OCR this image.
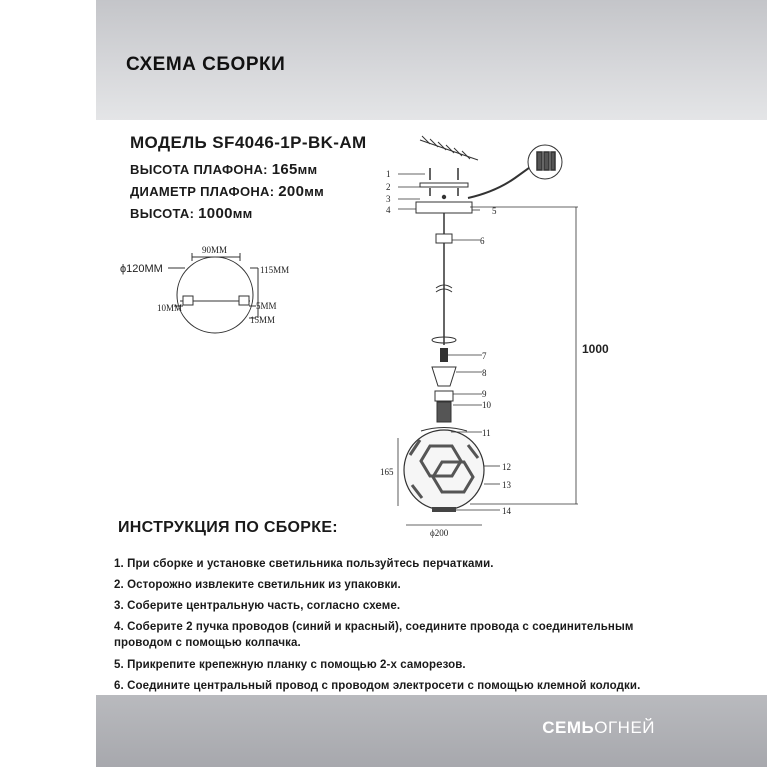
СХЕМА СБОРКИ
МОДЕЛЬ SF4046-1P-BK-AM
ВЫСОТА ПЛАФОНА: 165мм
ДИАМЕТР ПЛАФОНА: 200мм
ВЫСОТА: 1000мм
90ММ
ϕ120ММ	115ММ
10ММ	5ММ
15ММ
1
2
3
4	5
6
7
8
9
10
11
12
13
14
1000
165
ϕ200
ИНСТРУКЦИЯ ПО СБОРКЕ:
1. При сборке и установке светильника пользуйтесь перчатками.
2. Осторожно извлеките светильник из упаковки.
3. Соберите центральную часть, согласно схеме.
4. Соберите 2 пучка проводов (синий и красный), соедините провода с соединительным проводом с помощью колпачка.
5. Прикрепите крепежную планку с помощью 2-х саморезов.
6. Соедините центральный провод с проводом электросети с помощью клемной колодки.
СЕМЬОГНЕЙ
